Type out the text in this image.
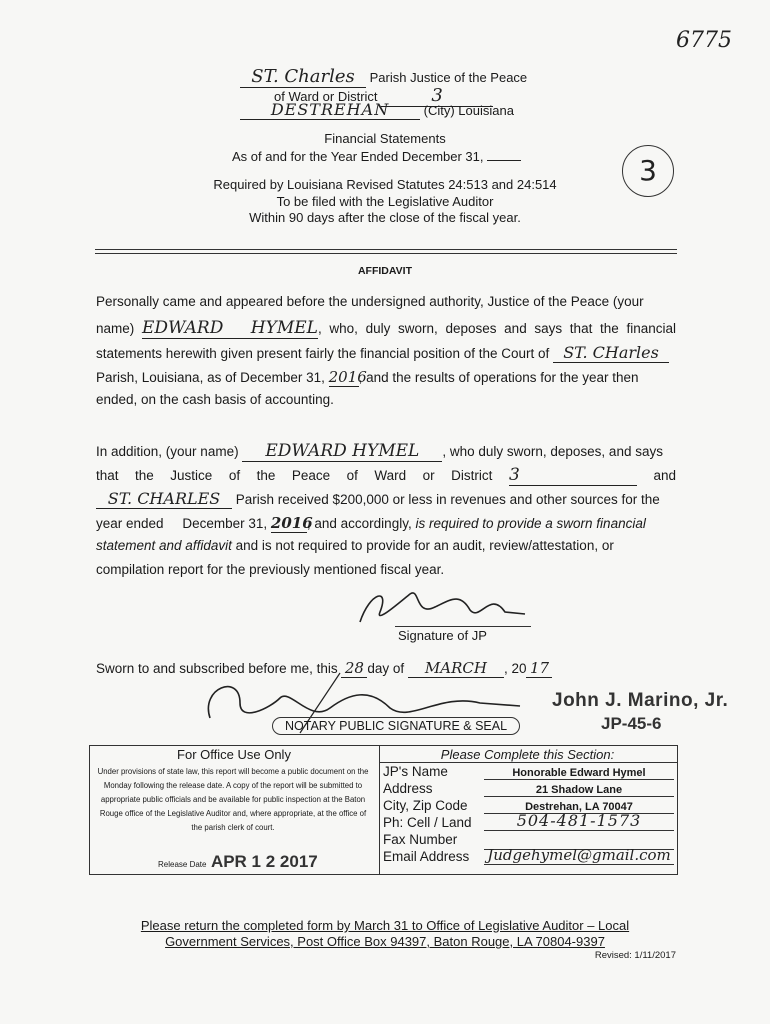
6775
3
ST. Charles Parish Justice of the Peace
of Ward or District	3
DESTREHAN	(City) Louisiana
Financial Statements
As of and for the Year Ended December 31,
Required by Louisiana Revised Statutes 24:513 and 24:514
To be filed with the Legislative Auditor
Within 90 days after the close of the fiscal year.
AFFIDAVIT
Personally came and appeared before the undersigned authority, Justice of the Peace (your
name) EDWARD HYMEL, who, duly sworn, deposes and says that the financial
statements herewith given present fairly the financial position of the Court of ST. CHarles
Parish, Louisiana, as of December 31, 2016, and the results of operations for the year then
ended, on the cash basis of accounting.
In addition, (your name) EDWARD HYMEL , who duly sworn, deposes, and says
that the Justice of the Peace of Ward or District 3	and
ST. CHARLES Parish received $200,000 or less in revenues and other sources for the
year ended December 31, 2016, and accordingly, is required to provide a sworn financial
statement and affidavit and is not required to provide for an audit, review/attestation, or
compilation report for the previously mentioned fiscal year.
Signature of JP
Sworn to and subscribed before me, this 28 day of MARCH , 20 17
NOTARY PUBLIC SIGNATURE & SEAL
John J. Marino, Jr.
JP-45-6
For Office Use Only
Under provisions of state law, this report will become a public document on the Monday following the release date. A copy of the report will be submitted to appropriate public officials and be available for public inspection at the Baton Rouge office of the Legislative Auditor and, where appropriate, at the office of the parish clerk of court.
Release Date APR 1 2 2017
Please Complete this Section:
JP's Name	Honorable Edward Hymel
Address	21 Shadow Lane
City, Zip Code	Destrehan, LA 70047
Ph: Cell / Land	504-481-1573
Fax Number
Email Address Judgehymel@gmail.com
Please return the completed form by March 31 to Office of Legislative Auditor – Local
Government Services, Post Office Box 94397, Baton Rouge, LA 70804-9397
Revised: 1/11/2017
